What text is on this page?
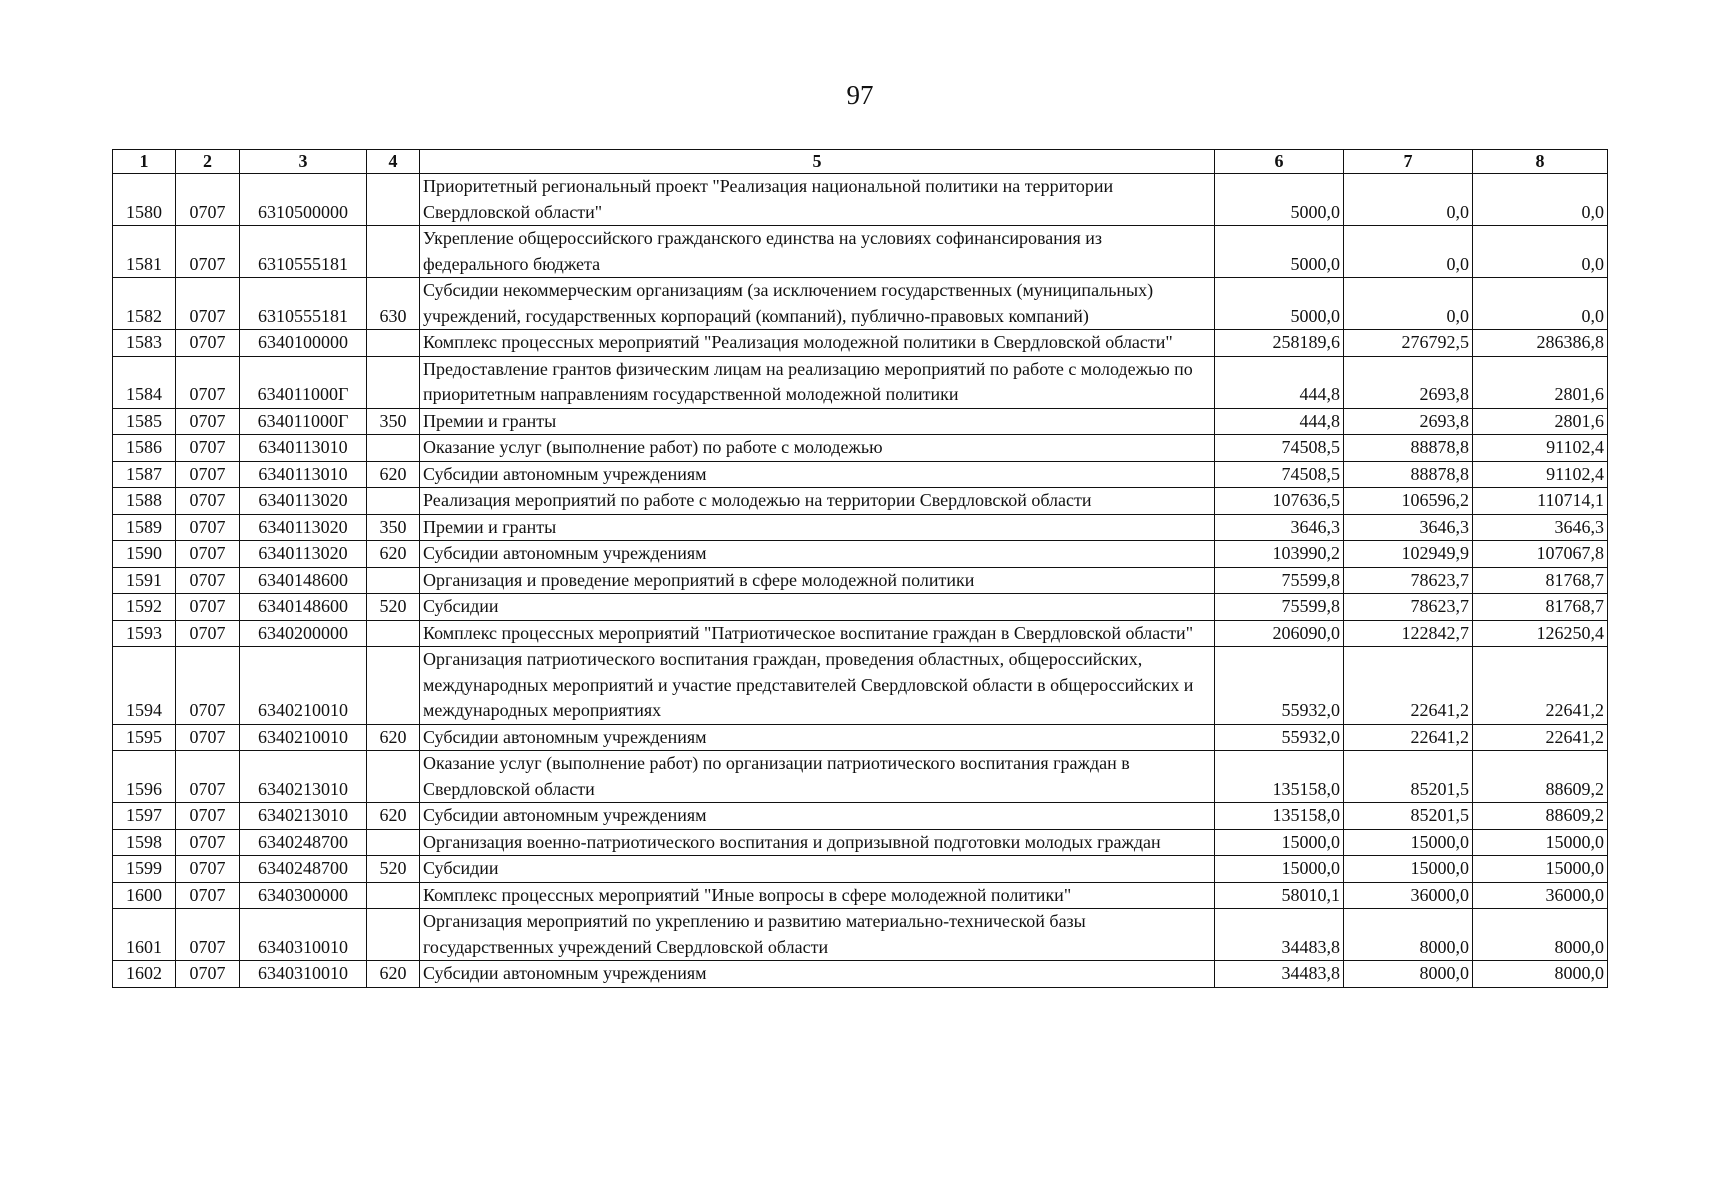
97
1	2	3	4	5	6	7	8
1580	0707	6310500000		Приоритетный региональный проект "Реализация национальной политики на территории Свердловской области"	5000,0	0,0	0,0
1581	0707	6310555181		Укрепление общероссийского гражданского единства на условиях софинансирования из федерального бюджета	5000,0	0,0	0,0
1582	0707	6310555181	630	Субсидии некоммерческим организациям (за исключением государственных (муниципальных) учреждений, государственных корпораций (компаний), публично-правовых компаний)	5000,0	0,0	0,0
1583	0707	6340100000		Комплекс процессных мероприятий "Реализация молодежной политики в Свердловской области"	258189,6	276792,5	286386,8
1584	0707	634011000Г		Предоставление грантов физическим лицам на реализацию мероприятий по работе с молодежью по приоритетным направлениям государственной молодежной политики	444,8	2693,8	2801,6
1585	0707	634011000Г	350	Премии и гранты	444,8	2693,8	2801,6
1586	0707	6340113010		Оказание услуг (выполнение работ) по работе с молодежью	74508,5	88878,8	91102,4
1587	0707	6340113010	620	Субсидии автономным учреждениям	74508,5	88878,8	91102,4
1588	0707	6340113020		Реализация мероприятий по работе с молодежью на территории Свердловской области	107636,5	106596,2	110714,1
1589	0707	6340113020	350	Премии и гранты	3646,3	3646,3	3646,3
1590	0707	6340113020	620	Субсидии автономным учреждениям	103990,2	102949,9	107067,8
1591	0707	6340148600		Организация и проведение мероприятий в сфере молодежной политики	75599,8	78623,7	81768,7
1592	0707	6340148600	520	Субсидии	75599,8	78623,7	81768,7
1593	0707	6340200000		Комплекс процессных мероприятий "Патриотическое воспитание граждан в Свердловской области"	206090,0	122842,7	126250,4
1594	0707	6340210010		Организация патриотического воспитания граждан, проведения областных, общероссийских, международных мероприятий и участие представителей Свердловской области в общероссийских и международных мероприятиях	55932,0	22641,2	22641,2
1595	0707	6340210010	620	Субсидии автономным учреждениям	55932,0	22641,2	22641,2
1596	0707	6340213010		Оказание услуг (выполнение работ) по организации патриотического воспитания граждан в Свердловской области	135158,0	85201,5	88609,2
1597	0707	6340213010	620	Субсидии автономным учреждениям	135158,0	85201,5	88609,2
1598	0707	6340248700		Организация военно-патриотического воспитания и допризывной подготовки молодых граждан	15000,0	15000,0	15000,0
1599	0707	6340248700	520	Субсидии	15000,0	15000,0	15000,0
1600	0707	6340300000		Комплекс процессных мероприятий "Иные вопросы в сфере молодежной политики"	58010,1	36000,0	36000,0
1601	0707	6340310010		Организация мероприятий по укреплению и развитию материально-технической базы государственных учреждений Свердловской области	34483,8	8000,0	8000,0
1602	0707	6340310010	620	Субсидии автономным учреждениям	34483,8	8000,0	8000,0
